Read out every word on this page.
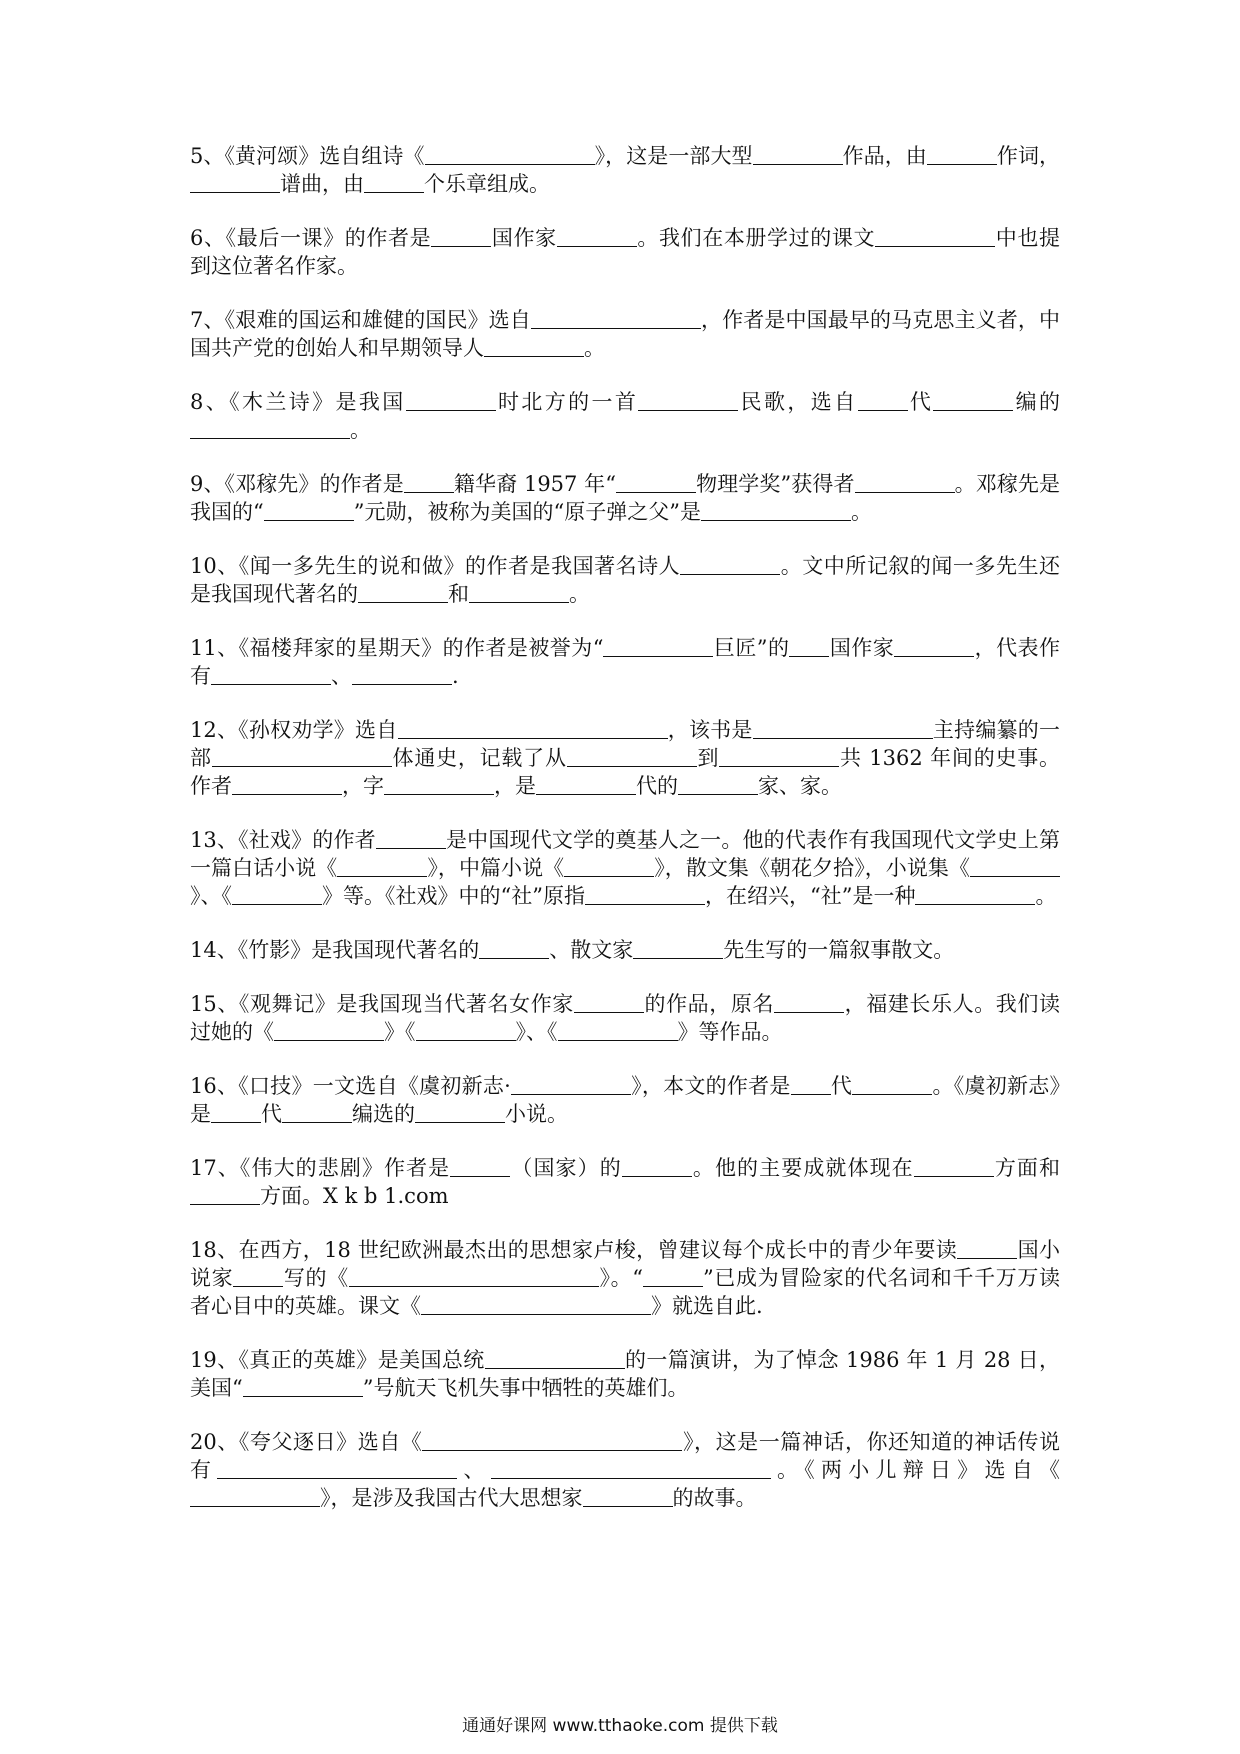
5、《黄河颂》选自组诗《	》，这是一部大型	作品，由	作词，谱曲，由	个乐章组成。
6、《最后一课》的作者是	国作家	。我们在本册学过的课文	中也提到这位著名作家。
7、《艰难的国运和雄健的国民》选自	，作者是中国最早的马克思主义者，中国共产党的创始人和早期领导人	。
8、《木兰诗》是我国	时北方的一首	民歌，选自 代	编的。
9、《邓稼先》的作者是 籍华裔 1957 年“	物理学奖”获得者	。邓稼先是我国的“	”元勋，被称为美国的“原子弹之父”是	。
10、《闻一多先生的说和做》的作者是我国著名诗人	。文中所记叙的闻一多先生还是我国现代著名的	和	。
11、《福楼拜家的星期天》的作者是被誉为“	巨匠”的 国作家	，代表作有	、	.
12、《孙权劝学》选自	，该书是	主持编纂的一部	体通史，记载了从	到	共 1362 年间的史事。作者	，字	，是	代的	家、家。
13、《社戏》的作者	是中国现代文学的奠基人之一。他的代表作有我国现代文学史上第一篇白话小说《	》，中篇小说《	》，散文集《朝花夕拾》，小说集《》、《	》等。《社戏》中的“社”原指	，在绍兴，“社”是一种	。
14、《竹影》是我国现代著名的	、散文家	先生写的一篇叙事散文。
15、《观舞记》是我国现当代著名女作家	的作品，原名	，福建长乐人。我们读过她的《	》《	》、《	》等作品。
16、《口技》一文选自《虞初新志·	》，本文的作者是 代	。《虞初新志》是 代	编选的	小说。
17、《伟大的悲剧》作者是	（国家）的	。他的主要成就体现在	方面和方面。X k b 1.com
18、在西方，18 世纪欧洲最杰出的思想家卢梭，曾建议每个成长中的青少年要读	国小说家 写的《	》。“	”已成为冒险家的代名词和千千万万读者心目中的英雄。课文《	》就选自此.
19、《真正的英雄》是美国总统	的一篇演讲，为了悼念 1986 年 1 月 28 日，美国“	”号航天飞机失事中牺牲的英雄们。
20、《夸父逐日》选自《	》，这是一篇神话，你还知道的神话传说有	、	。《两小儿辩日》选自《》，是涉及我国古代大思想家	的故事。
通通好课网 www.tthaoke.com 提供下载
